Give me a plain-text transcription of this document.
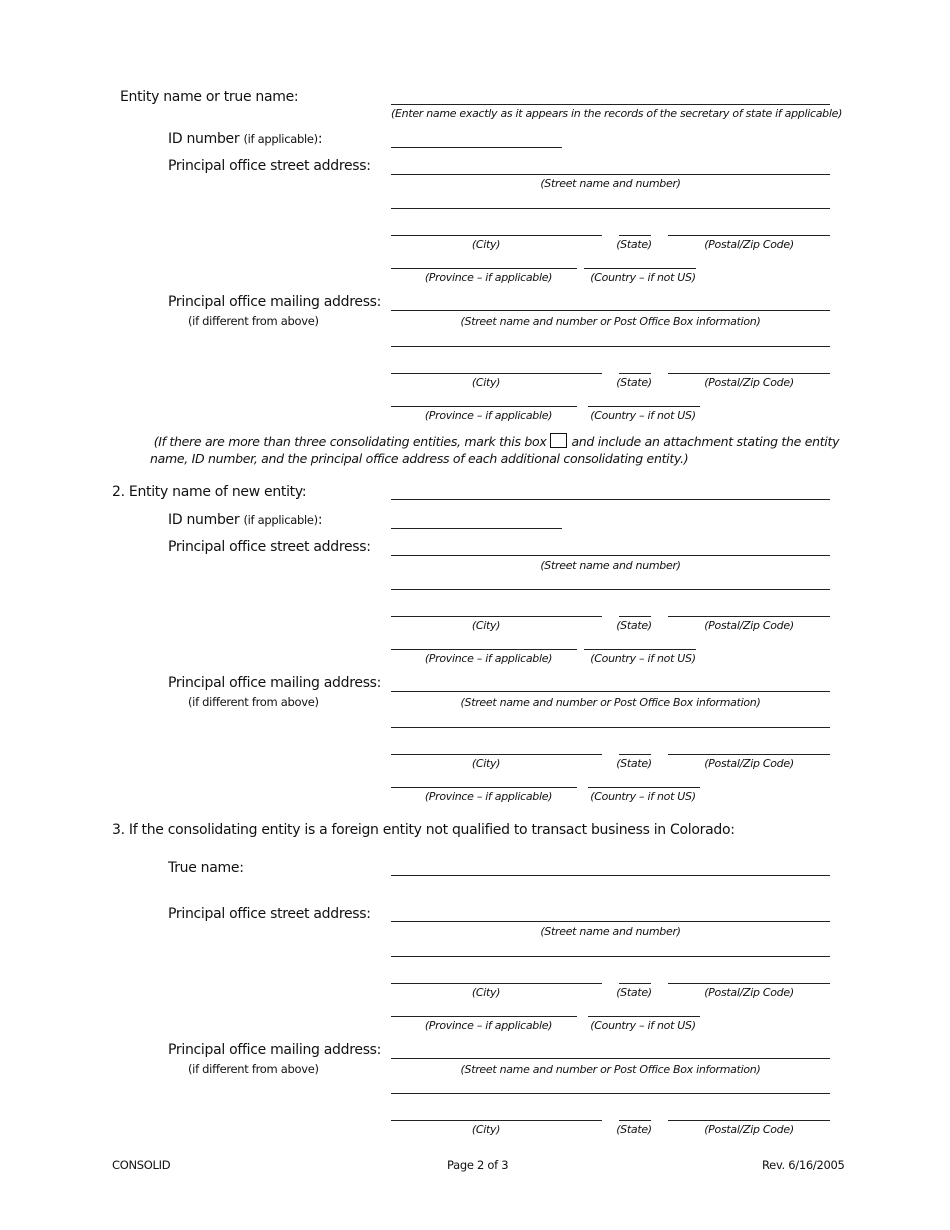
Entity name or true name:
(Enter name exactly as it appears in the records of the secretary of state if applicable)
ID number (if applicable):
Principal office street address:
(Street name and number)
(City)	(State)	(Postal/Zip Code)
(Province – if applicable)	(Country – if not US)
Principal office mailing address:
(if different from above)	(Street name and number or Post Office Box information)
(City)	(State)	(Postal/Zip Code)
(Province – if applicable)	(Country – if not US)
(If there are more than three consolidating entities, mark this box and include an attachment stating the entity name, ID number, and the principal office address of each additional consolidating entity.)
2. Entity name of new entity:
ID number (if applicable):
Principal office street address:
(Street name and number)
(City)	(State)	(Postal/Zip Code)
(Province – if applicable)	(Country – if not US)
Principal office mailing address:
(if different from above)	(Street name and number or Post Office Box information)
(City)	(State)	(Postal/Zip Code)
(Province – if applicable)	(Country – if not US)
3. If the consolidating entity is a foreign entity not qualified to transact business in Colorado:
True name:
Principal office street address:
(Street name and number)
(City)	(State)	(Postal/Zip Code)
(Province – if applicable)	(Country – if not US)
Principal office mailing address:
(if different from above)	(Street name and number or Post Office Box information)
(City)	(State)	(Postal/Zip Code)
CONSOLID	Page 2 of 3	Rev. 6/16/2005
